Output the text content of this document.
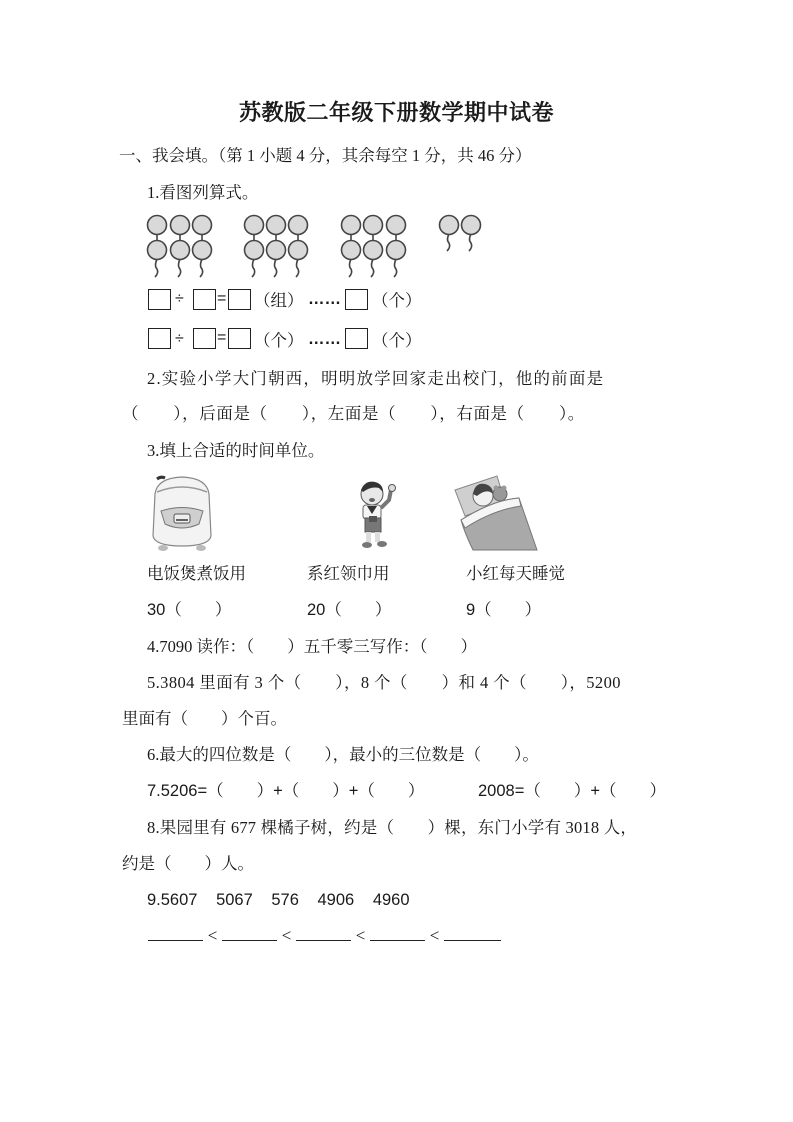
苏教版二年级下册数学期中试卷
一、我会填。（第 1 小题 4 分，其余每空 1 分，共 46 分）
1.看图列算式。
÷ = （组） …… （个）
÷ = （个） …… （个）
2.实验小学大门朝西，明明放学回家走出校门，他的前面是
（　　），后面是（　　），左面是（　　），右面是（　　）。
3.填上合适的时间单位。
电饭煲煮饭用	系红领巾用	小红每天睡觉
30（　　）	20（　　）	9（　　）
4.7090 读作：（　　）五千零三写作：（　　）
5.3804 里面有 3 个（　　），8 个（　　）和 4 个（　　），5200
里面有（　　）个百。
6.最大的四位数是（　　），最小的三位数是（　　）。
7.5206=（　　）+（　　）+（　　）	2008=（　　）+（　　）
8.果园里有 677 棵橘子树，约是（　　）棵，东门小学有 3018 人，
约是（　　）人。
9.5607 5067 576 4906 4960
<	<	<	<
